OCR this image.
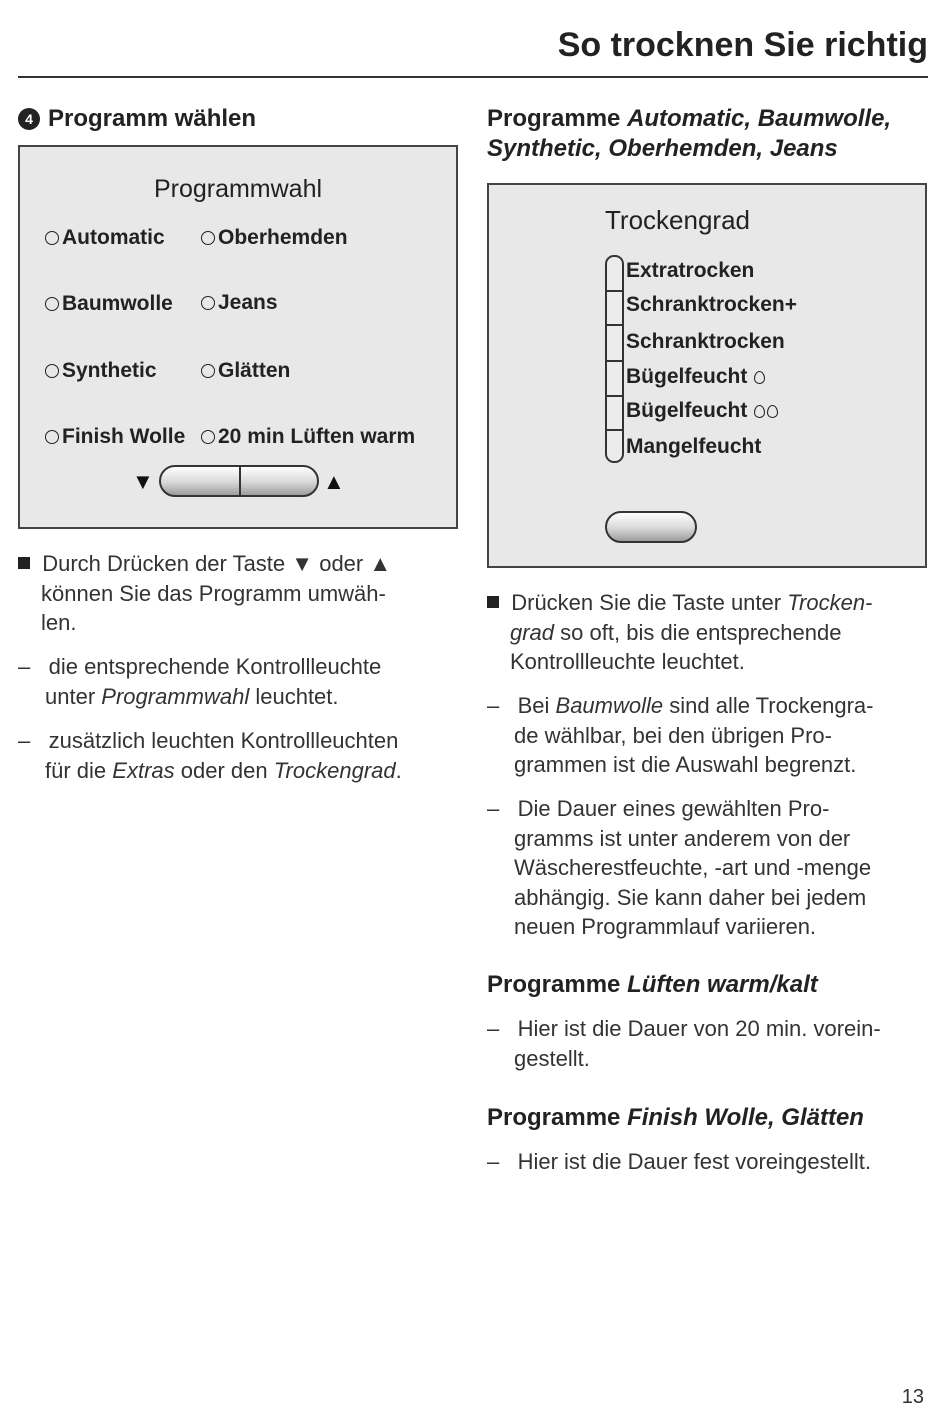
So trocknen Sie richtig
4 Programm wählen
Programmwahl
Automatic
Baumwolle
Synthetic
Finish Wolle
Oberhemden
Jeans
Glätten
20 min Lüften warm
▼	▲
Durch Drücken der Taste ▼ oder ▲
können Sie das Programm umwäh-
len.
– die entsprechende Kontrollleuchte
unter Programmwahl leuchtet.
– zusätzlich leuchten Kontrollleuchten
für die Extras oder den Trockengrad.
Programme Automatic, Baumwolle,
Synthetic, Oberhemden, Jeans
Trockengrad
Extratrocken
Schranktrocken+
Schranktrocken
Bügelfeucht
Bügelfeucht
Mangelfeucht
Drücken Sie die Taste unter Trocken-
grad so oft, bis die entsprechende
Kontrollleuchte leuchtet.
– Bei Baumwolle sind alle Trockengra-
de wählbar, bei den übrigen Pro-
grammen ist die Auswahl begrenzt.
– Die Dauer eines gewählten Pro-
gramms ist unter anderem von der
Wäscherestfeuchte, -art und -menge
abhängig. Sie kann daher bei jedem
neuen Programmlauf variieren.
Programme Lüften warm/kalt
– Hier ist die Dauer von 20 min. vorein-
gestellt.
Programme Finish Wolle, Glätten
– Hier ist die Dauer fest voreingestellt.
13
